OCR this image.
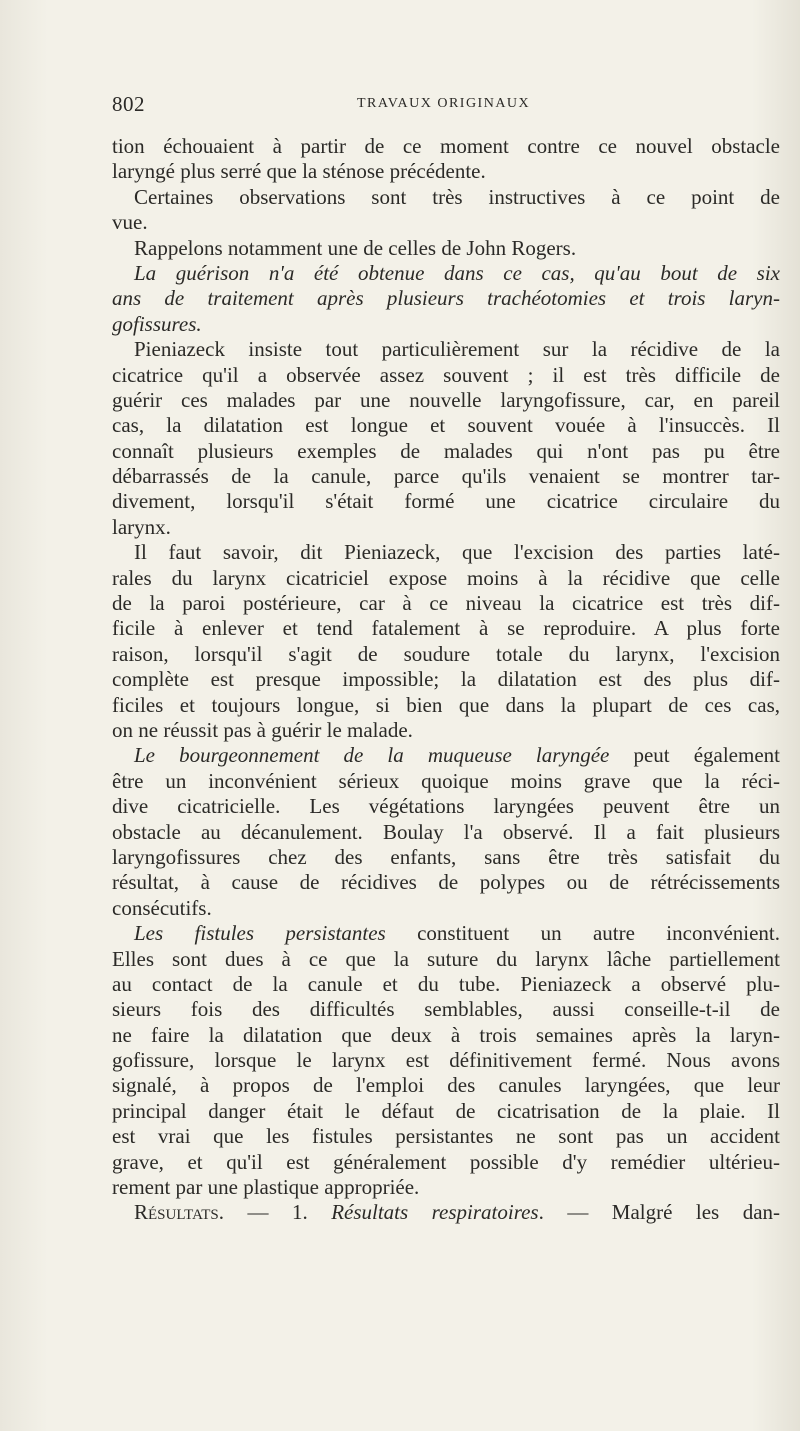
802	TRAVAUX ORIGINAUX
tion échouaient à partir de ce moment contre ce nouvel obstacle
laryngé plus serré que la sténose précédente.
Certaines observations sont très instructives à ce point de
vue.
Rappelons notamment une de celles de John Rogers.
La guérison n'a été obtenue dans ce cas, qu'au bout de six
ans de traitement après plusieurs trachéotomies et trois laryn-
gofissures.
Pieniazeck insiste tout particulièrement sur la récidive de la
cicatrice qu'il a observée assez souvent ; il est très difficile de
guérir ces malades par une nouvelle laryngofissure, car, en pareil
cas, la dilatation est longue et souvent vouée à l'insuccès. Il
connaît plusieurs exemples de malades qui n'ont pas pu être
débarrassés de la canule, parce qu'ils venaient se montrer tar-
divement, lorsqu'il s'était formé une cicatrice circulaire du
larynx.
Il faut savoir, dit Pieniazeck, que l'excision des parties laté-
rales du larynx cicatriciel expose moins à la récidive que celle
de la paroi postérieure, car à ce niveau la cicatrice est très dif-
ficile à enlever et tend fatalement à se reproduire. A plus forte
raison, lorsqu'il s'agit de soudure totale du larynx, l'excision
complète est presque impossible; la dilatation est des plus dif-
ficiles et toujours longue, si bien que dans la plupart de ces cas,
on ne réussit pas à guérir le malade.
Le bourgeonnement de la muqueuse laryngée peut également
être un inconvénient sérieux quoique moins grave que la réci-
dive cicatricielle. Les végétations laryngées peuvent être un
obstacle au décanulement. Boulay l'a observé. Il a fait plusieurs
laryngofissures chez des enfants, sans être très satisfait du
résultat, à cause de récidives de polypes ou de rétrécissements
consécutifs.
Les fistules persistantes constituent un autre inconvénient.
Elles sont dues à ce que la suture du larynx lâche partiellement
au contact de la canule et du tube. Pieniazeck a observé plu-
sieurs fois des difficultés semblables, aussi conseille-t-il de
ne faire la dilatation que deux à trois semaines après la laryn-
gofissure, lorsque le larynx est définitivement fermé. Nous avons
signalé, à propos de l'emploi des canules laryngées, que leur
principal danger était le défaut de cicatrisation de la plaie. Il
est vrai que les fistules persistantes ne sont pas un accident
grave, et qu'il est généralement possible d'y remédier ultérieu-
rement par une plastique appropriée.
Résultats. — 1. Résultats respiratoires. — Malgré les dan-
